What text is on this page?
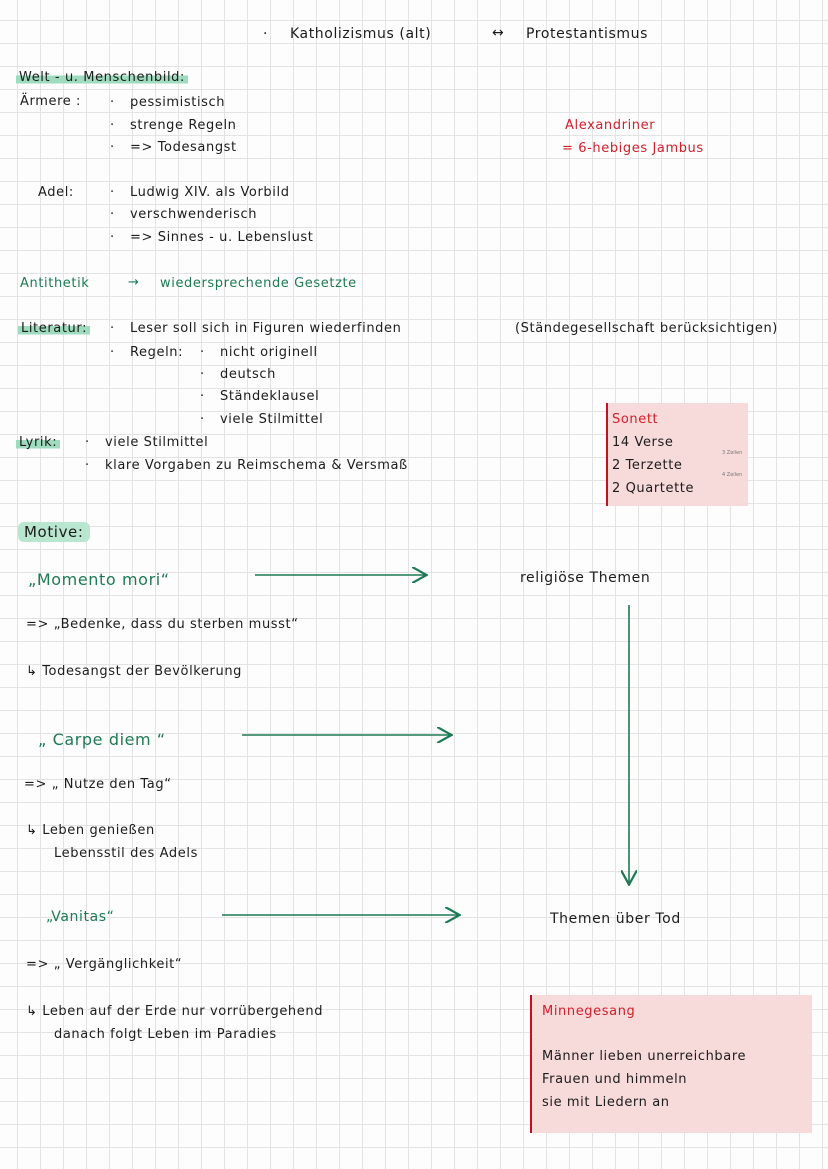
· Katholizismus (alt)	↔ Protestantismus
Welt - u. Menschenbild:
Ärmere : · pessimistisch
· strenge Regeln
· => Todesangst
Adel:	· Ludwig XIV. als Vorbild
· verschwenderisch
· => Sinnes - u. Lebenslust
Alexandriner
= 6-hebiges Jambus
Antithetik	→ wiedersprechende Gesetzte
Literatur: · Leser soll sich in Figuren wiederfinden	(Ständegesellschaft berücksichtigen)
· Regeln: · nicht originell
· deutsch
· Ständeklausel
· viele Stilmittel
Lyrik: · viele Stilmittel
· klare Vorgaben zu Reimschema & Versmaß
Sonett
14 Verse
2 Terzette
2 Quartette
3 Zeilen
4 Zeilen
Motive:
„Momento mori“	religiöse Themen
=> „Bedenke, dass du sterben musst“
↳ Todesangst der Bevölkerung
„ Carpe diem “
=> „ Nutze den Tag“
↳ Leben genießen
Lebensstil des Adels
„Vanitas“	Themen über Tod
=> „ Vergänglichkeit“
↳ Leben auf der Erde nur vorrübergehend
danach folgt Leben im Paradies
Minnegesang
Männer lieben unerreichbare
Frauen und himmeln
sie mit Liedern an
